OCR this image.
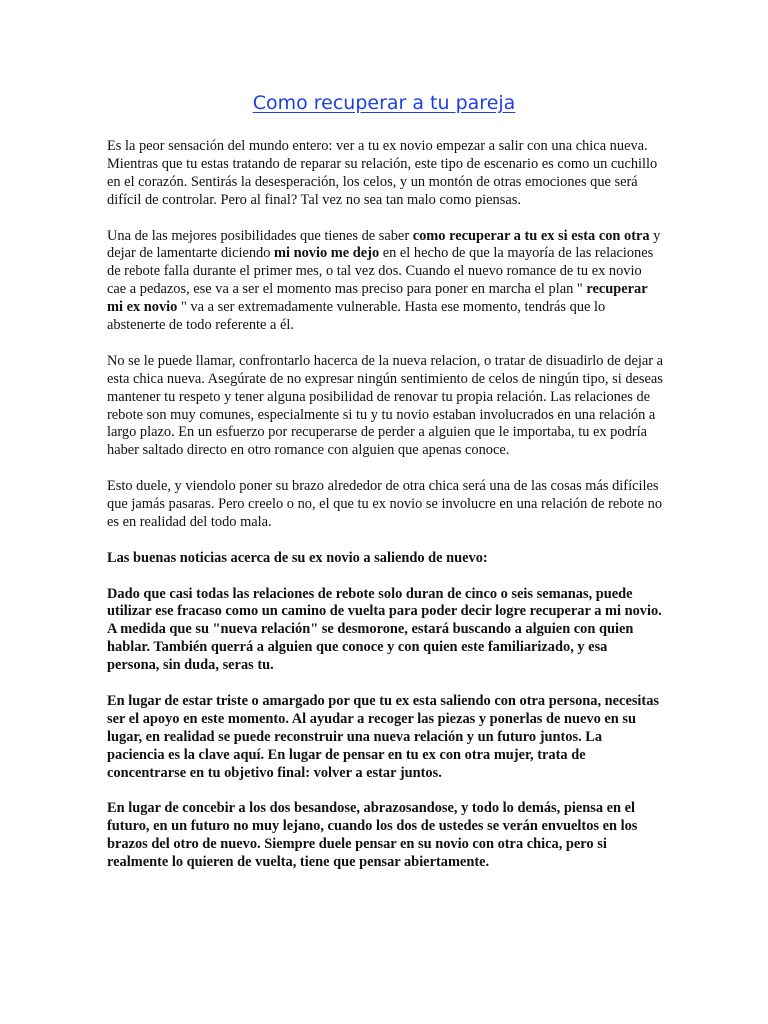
Como recuperar a tu pareja

Es la peor sensación del mundo entero: ver a tu ex novio empezar a salir con una chica nueva. Mientras que tu estas tratando de reparar su relación, este tipo de escenario es como un cuchillo en el corazón. Sentirás la desesperación, los celos, y un montón de otras emociones que será difícil de controlar. Pero al final? Tal vez no sea tan malo como piensas.

Una de las mejores posibilidades que tienes de saber como recuperar a tu ex si esta con otra y dejar de lamentarte diciendo mi novio me dejo en el hecho de que la mayoría de las relaciones de rebote falla durante el primer mes, o tal vez dos. Cuando el nuevo romance de tu ex novio cae a pedazos, ese va a ser el momento mas preciso para poner en marcha el plan " recuperar mi ex novio " va a ser extremadamente vulnerable. Hasta ese momento, tendrás que lo abstenerte de todo referente a él.

No se le puede llamar, confrontarlo hacerca de la nueva relacion, o tratar de disuadirlo de dejar a esta chica nueva. Asegúrate de no expresar ningún sentimiento de celos de ningún tipo, si deseas mantener tu respeto y tener alguna posibilidad de renovar tu propia relación. Las relaciones de rebote son muy comunes, especialmente si tu y tu novio estaban involucrados en una relación a largo plazo. En un esfuerzo por recuperarse de perder a alguien que le importaba, tu ex podría haber saltado directo en otro romance con alguien que apenas conoce.

Esto duele, y viendolo poner su brazo alrededor de otra chica será una de las cosas más difíciles que jamás pasaras. Pero creelo o no, el que tu ex novio se involucre en una relación de rebote no es en realidad del todo mala.

Las buenas noticias acerca de su ex novio a saliendo de nuevo:

Dado que casi todas las relaciones de rebote solo duran de cinco o seis semanas, puede utilizar ese fracaso como un camino de vuelta para poder decir logre recuperar a mi novio. A medida que su "nueva relación" se desmorone, estará buscando a alguien con quien hablar. También querrá a alguien que conoce y con quien este familiarizado, y esa persona, sin duda, seras tu.

En lugar de estar triste o amargado por que tu ex esta saliendo con otra persona, necesitas ser el apoyo en este momento. Al ayudar a recoger las piezas y ponerlas de nuevo en su lugar, en realidad se puede reconstruir una nueva relación y un futuro juntos. La paciencia es la clave aquí. En lugar de pensar en tu ex con otra mujer, trata de concentrarse en tu objetivo final: volver a estar juntos.

En lugar de concebir a los dos besandose, abrazosandose, y todo lo demás, piensa en el futuro, en un futuro no muy lejano, cuando los dos de ustedes se verán envueltos en los brazos del otro de nuevo. Siempre duele pensar en su novio con otra chica, pero si realmente lo quieren de vuelta, tiene que pensar abiertamente.
